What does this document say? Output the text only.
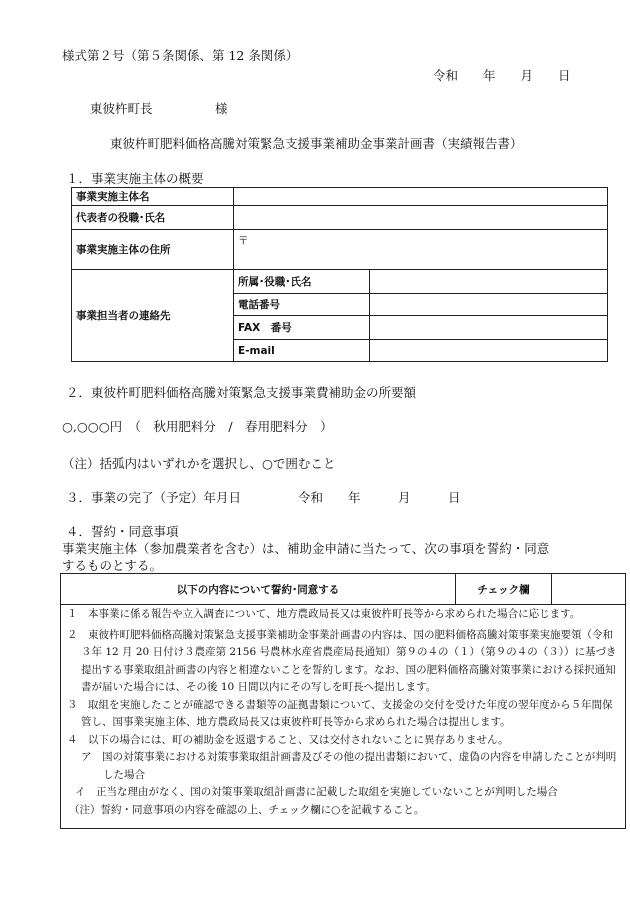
様式第２号（第５条関係、第 12 条関係）
令和　　年　　月　　日
東彼杵町長　　　　　様
東彼杵町肥料価格高騰対策緊急支援事業補助金事業計画書（実績報告書）
１．事業実施主体の概要
事業実施主体名		
代表者の役職･氏名		
事業実施主体の住所	〒	
事業担当者の連絡先	所属･役職･氏名	
	電話番号	
	FAX　番号	
	E-mail	
２．東彼杵町肥料価格高騰対策緊急支援事業費補助金の所要額
○,○○○円　（　秋用肥料分　/　春用肥料分　）
（注）括弧内はいずれかを選択し、○で囲むこと
３．事業の完了（予定）年月日	令和　　年　　　月　　　日
４．誓約・同意事項
事業実施主体（参加農業者を含む）は、補助金申請に当たって、次の事項を誓約・同意
するものとする。
以下の内容について誓約･同意する	チェック欄	

１　本事業に係る報告や立入調査について、地方農政局長又は東彼杵町長等から求められた場合に応じます。
２　東彼杵町肥料価格高騰対策緊急支援事業補助金事業計画書の内容は、国の肥料価格高騰対策事業実施要領（令和３年 12 月 20 日付け３農産第 2156 号農林水産省農産局長通知）第９の４の（１）（第９の４の（３））に基づき提出する事業取組計画書の内容と相違ないことを誓約します。なお、国の肥料価格高騰対策事業における採択通知書が届いた場合には、その後 10 日間以内にその写しを町長へ提出します。
３　取組を実施したことが確認できる書類等の証拠書類について、支援金の交付を受けた年度の翌年度から５年間保管し、国事業実施主体、地方農政局長又は東彼杵町長等から求められた場合は提出します。
４　以下の場合には、町の補助金を返還すること、又は交付されないことに異存ありません。
ア　国の対策事業における対策事業取組計画書及びその他の提出書類において、虚偽の内容を申請したことが判明した場合
イ　正当な理由がなく、国の対策事業取組計画書に記載した取組を実施していないことが判明した場合
（注）誓約・同意事項の内容を確認の上、チェック欄に○を記載すること。
